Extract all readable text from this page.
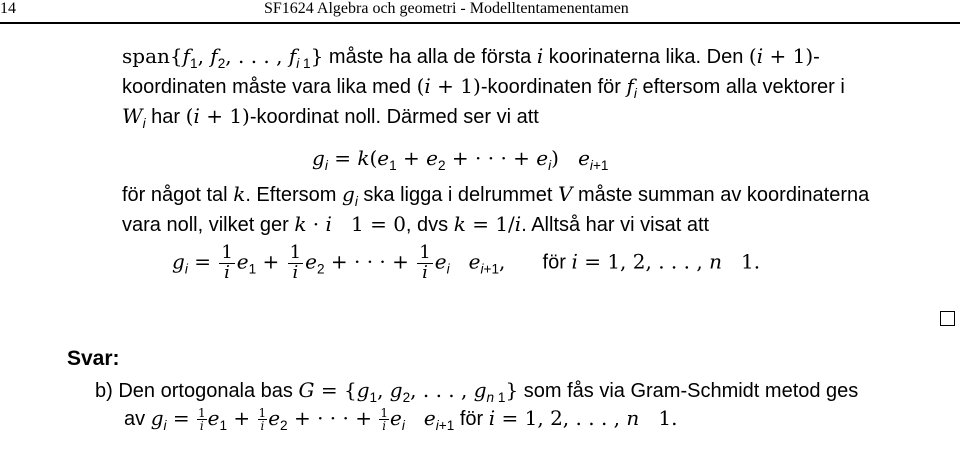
14	SF1624 Algebra och geometri - Modelltentamenentamen
$span\{f_1$, $f_2$, . . . , $f_i$ $_1$} måste ha alla de första i koorinaterna lika. Den (i + 1)-
koordinaten måste vara lika med (i + 1)-koordinaten för $f_i$ eftersom alla vektorer i
$W_i$ har (i + 1)-koordinat noll. Därmed ser vi att
$g_i = k(e_1 + e_2$ + · · · + $e_i$)   $e_{i+1}$
för något tal k. Eftersom $g_i$ ska ligga i delrummet V måste summan av koordinaterna
vara noll, vilket ger k · i   1 = 0, dvs k = 1/i. Alltså har vi visat att
$g_i = \frac{1}{i} e_1 + \frac{1}{i} e_2$ + · · · + $\frac{1}{i} e_i$ $e_{i+1}$, för i = 1, 2, . . . , n   1.
Svar:
b) Den ortogonala bas $G = \{g_1$, $g_2$, . . . , $g_n$ $_1$} som fås via Gram-Schmidt metod ges
av $g_i = \frac{1}{i} e_1 + \frac{1}{i} e_2$ + · · · + $\frac{1}{i} e_i$ $e_{i+1}$ för i = 1, 2, . . . , n   1.
